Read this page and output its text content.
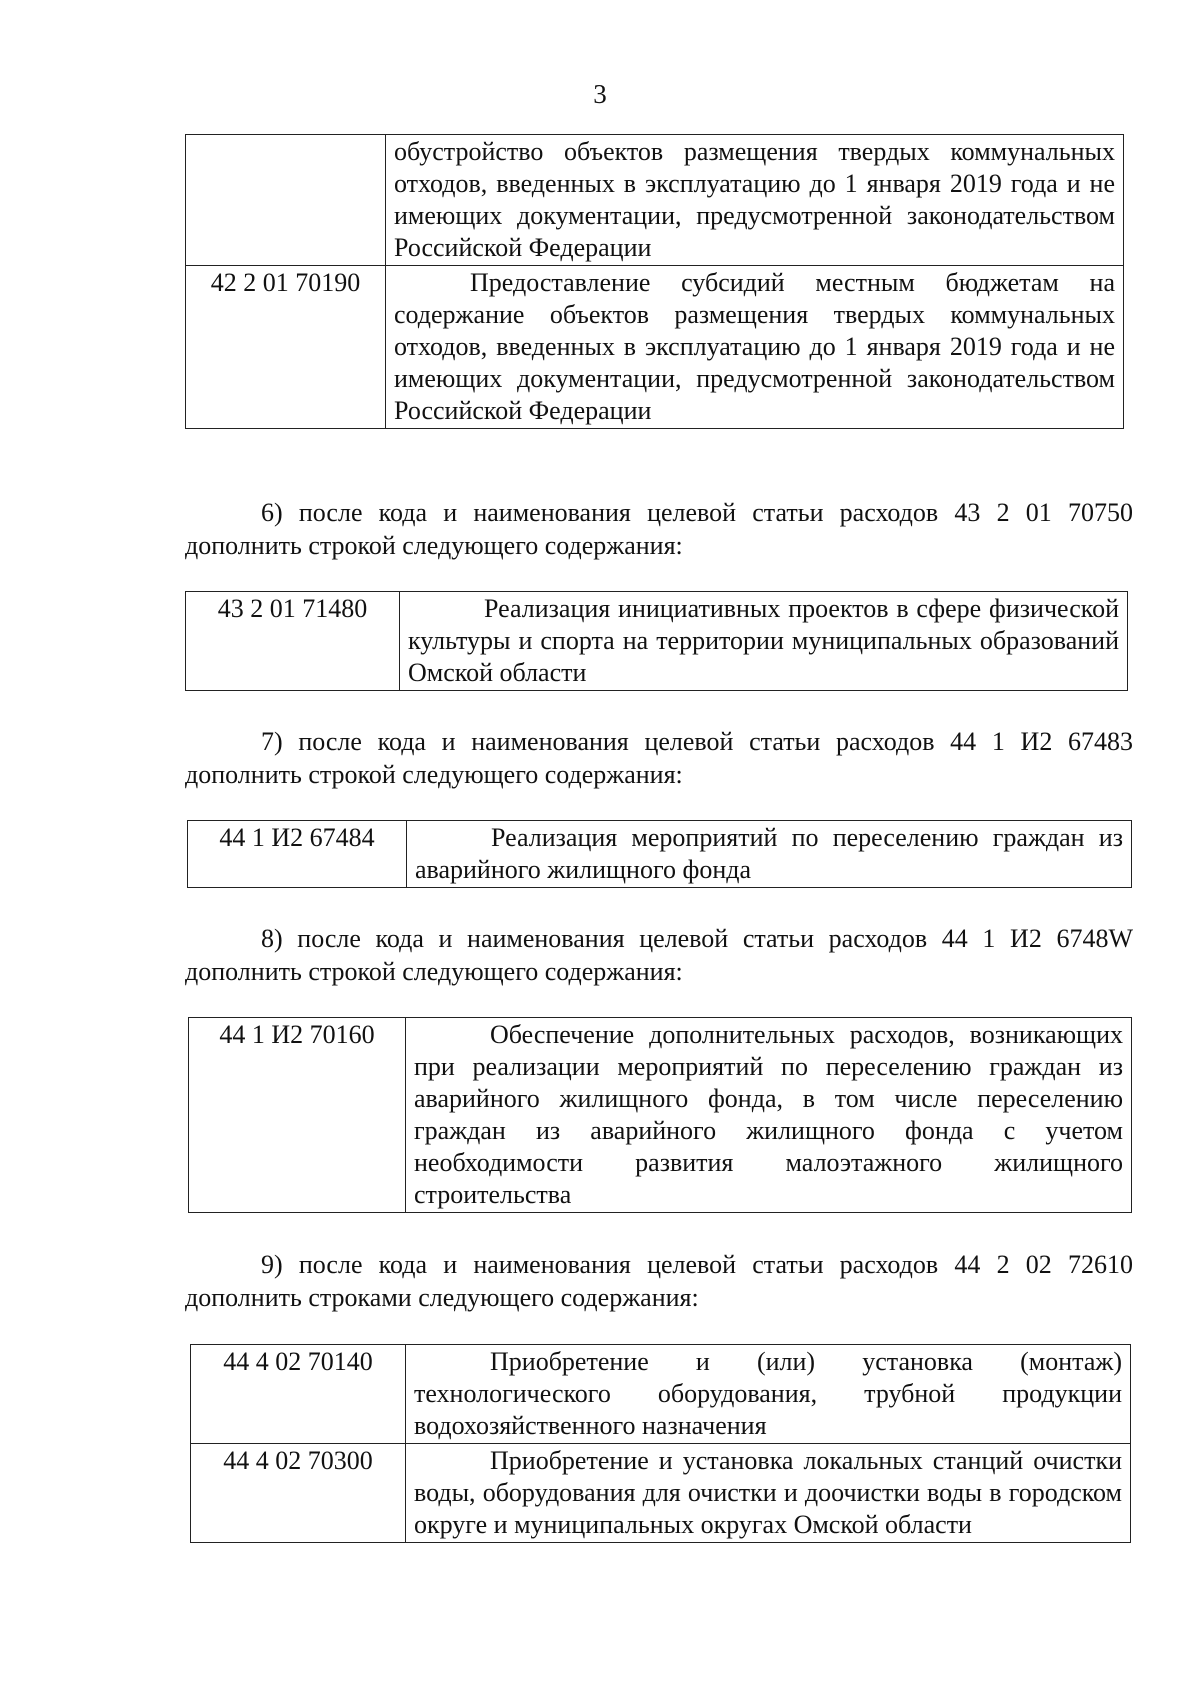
3
	обустройство объектов размещения твердых коммунальных отходов, введенных в эксплуатацию до 1 января 2019 года и не имеющих документации, предусмотренной законодательством Российской Федерации
42 2 01 70190	Предоставление субсидий местным бюджетам на содержание объектов размещения твердых коммунальных отходов, введенных в эксплуатацию до 1 января 2019 года и не имеющих документации, предусмотренной законодательством Российской Федерации

6) после кода и наименования целевой статьи расходов 43 2 01 70750 дополнить строкой следующего содержания:

43 2 01 71480	Реализация инициативных проектов в сфере физической культуры и спорта на территории муниципальных образований Омской области

7) после кода и наименования целевой статьи расходов 44 1 И2 67483 дополнить строкой следующего содержания:

44 1 И2 67484	Реализация мероприятий по переселению граждан из аварийного жилищного фонда

8) после кода и наименования целевой статьи расходов 44 1 И2 6748W дополнить строкой следующего содержания:

44 1 И2 70160	Обеспечение дополнительных расходов, возникающих при реализации мероприятий по переселению граждан из аварийного жилищного фонда, в том числе переселению граждан из аварийного жилищного фонда с учетом необходимости развития малоэтажного жилищного строительства

9) после кода и наименования целевой статьи расходов 44 2 02 72610 дополнить строками следующего содержания:

44 4 02 70140	Приобретение и (или) установка (монтаж) технологического оборудования, трубной продукции водохозяйственного назначения
44 4 02 70300	Приобретение и установка локальных станций очистки воды, оборудования для очистки и доочистки воды в городском округе и муниципальных округах Омской области
